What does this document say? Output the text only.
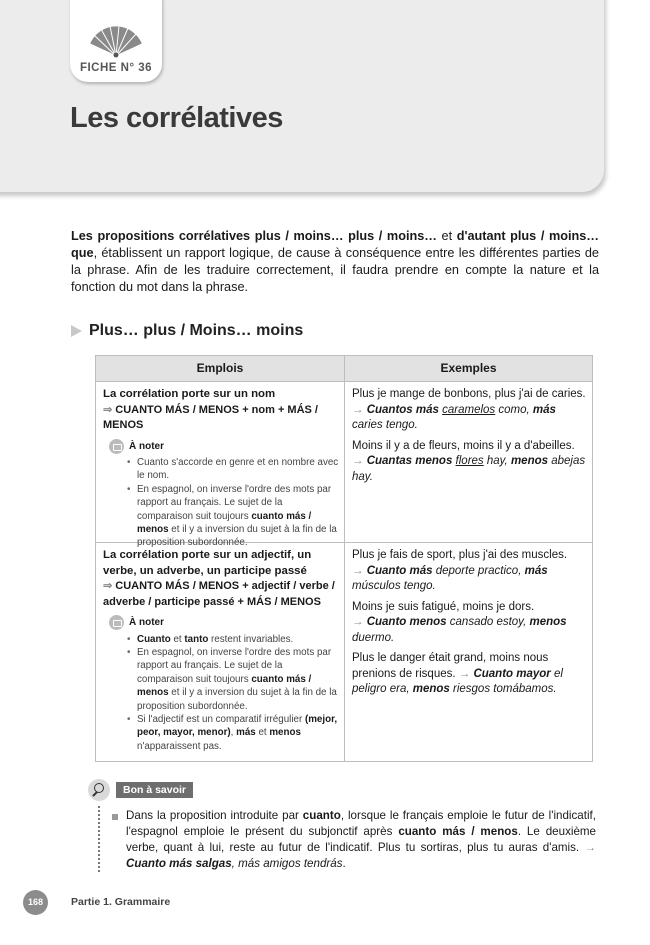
FICHE N° 36
Les corrélatives

Les propositions corrélatives plus / moins… plus / moins… et d'autant plus / moins… que, établissent un rapport logique, de cause à conséquence entre les différentes parties de la phrase. Afin de les traduire correctement, il faudra prendre en compte la nature et la fonction du mot dans la phrase.

Plus… plus / Moins… moins
Emplois	Exemples
La corrélation porte sur un nom
⇒ CUANTO MÁS / MENOS + nom + MÁS / MENOS
À noter
• Cuanto s'accorde en genre et en nombre avec le nom.
• En espagnol, on inverse l'ordre des mots par rapport au français. Le sujet de la comparaison suit toujours cuanto más / menos et il y a inversion du sujet à la fin de la proposition subordonnée.
Plus je mange de bonbons, plus j'ai de caries.
→ Cuantos más caramelos como, más caries tengo.
Moins il y a de fleurs, moins il y a d'abeilles.
→ Cuantas menos flores hay, menos abejas hay.
La corrélation porte sur un adjectif, un verbe, un adverbe, un participe passé
⇒ CUANTO MÁS / MENOS + adjectif / verbe / adverbe / participe passé + MÁS / MENOS
À noter
• Cuanto et tanto restent invariables.
• En espagnol, on inverse l'ordre des mots par rapport au français. Le sujet de la comparaison suit toujours cuanto más / menos et il y a inversion du sujet à la fin de la proposition subordonnée.
• Si l'adjectif est un comparatif irrégulier (mejor, peor, mayor, menor), más et menos n'apparaissent pas.
Plus je fais de sport, plus j'ai des muscles.
→ Cuanto más deporte practico, más músculos tengo.
Moins je suis fatigué, moins je dors.
→ Cuanto menos cansado estoy, menos duermo.
Plus le danger était grand, moins nous prenions de risques. → Cuanto mayor el peligro era, menos riesgos tomábamos.
Bon à savoir

Dans la proposition introduite par cuanto, lorsque le français emploie le futur de l'indicatif, l'espagnol emploie le présent du subjonctif après cuanto más / menos. Le deuxième verbe, quant à lui, reste au futur de l'indicatif. Plus tu sortiras, plus tu auras d'amis. → Cuanto más salgas, más amigos tendrás.

168	Partie 1. Grammaire
